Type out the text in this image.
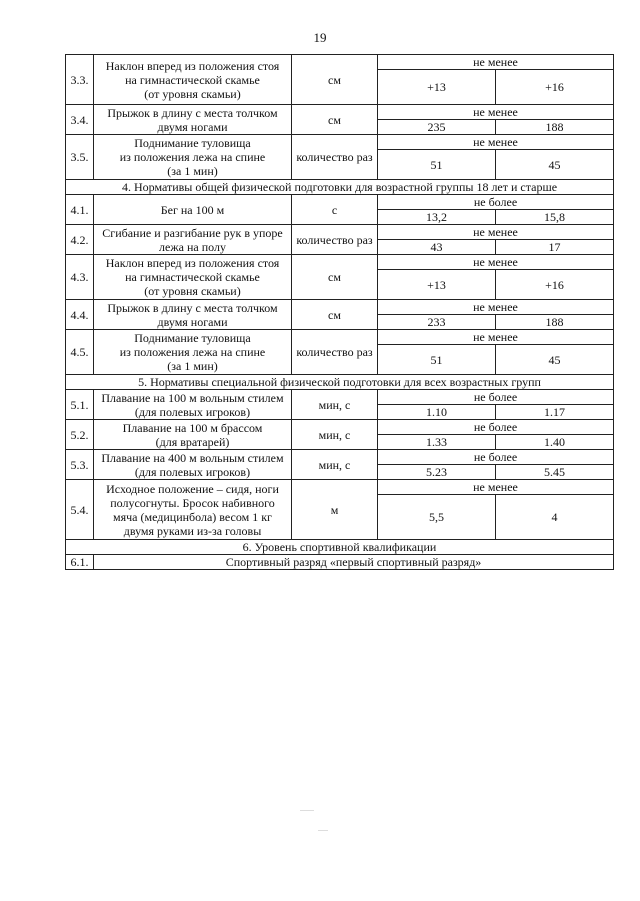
19
3.3.	Наклон вперед из положения стоя
на гимнастической скамье
(от уровня скамьи)	см	не менее	
			+13	+16
3.4.	Прыжок в длину с места толчком
двумя ногами	см	не менее	
			235	188
3.5.	Поднимание туловища
из положения лежа на спине
(за 1 мин)	количество раз	не менее	
			51	45
4. Нормативы общей физической подготовки для возрастной группы 18 лет и старше				
4.1.	Бег на 100 м	с	не более	
			13,2	15,8
4.2.	Сгибание и разгибание рук в упоре
лежа на полу	количество раз	не менее	
			43	17
4.3.	Наклон вперед из положения стоя
на гимнастической скамье
(от уровня скамьи)	см	не менее	
			+13	+16
4.4.	Прыжок в длину с места толчком
двумя ногами	см	не менее	
			233	188
4.5.	Поднимание туловища
из положения лежа на спине
(за 1 мин)	количество раз	не менее	
			51	45
5. Нормативы специальной физической подготовки для всех возрастных групп				
5.1.	Плавание на 100 м вольным стилем
(для полевых игроков)	мин, с	не более	
			1.10	1.17
5.2.	Плавание на 100 м брассом
(для вратарей)	мин, с	не более	
			1.33	1.40
5.3.	Плавание на 400 м вольным стилем
(для полевых игроков)	мин, с	не более	
			5.23	5.45
5.4.	Исходное положение – сидя, ноги
полусогнуты. Бросок набивного
мяча (медицинбола) весом 1 кг
двумя руками из-за головы	м	не менее	
			5,5	4
6. Уровень спортивной квалификации				
6.1.	Спортивный разряд «первый спортивный разряд»			
